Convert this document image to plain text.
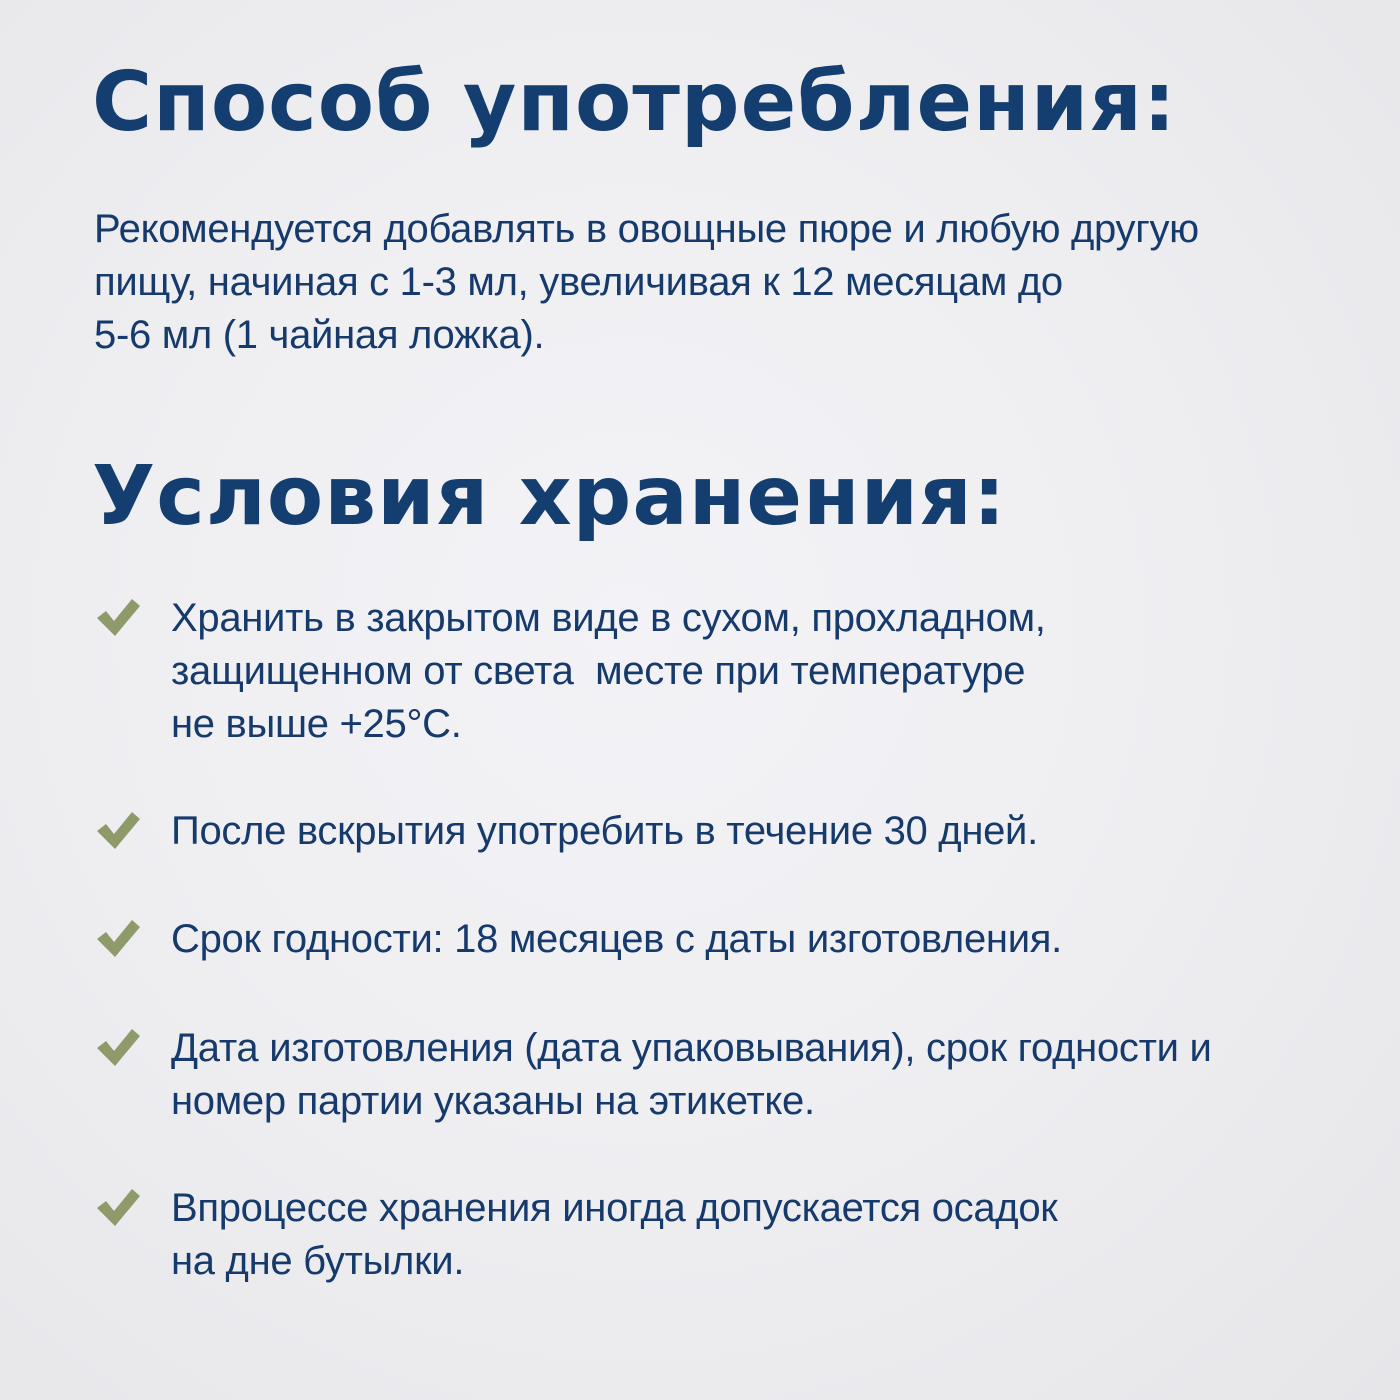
Способ употребления:
Рекомендуется добавлять в овощные пюре и любую другую
пищу, начиная с 1-3 мл, увеличивая к 12 месяцам до
5-6 мл (1 чайная ложка).
Условия хранения:
Хранить в закрытом виде в сухом, прохладном,
защищенном от света  месте при температуре
не выше +25°С.
После вскрытия употребить в течение 30 дней.
Срок годности: 18 месяцев с даты изготовления.
Дата изготовления (дата упаковывания), срок годности и
номер партии указаны на этикетке.
Впроцессе хранения иногда допускается осадок
на дне бутылки.
